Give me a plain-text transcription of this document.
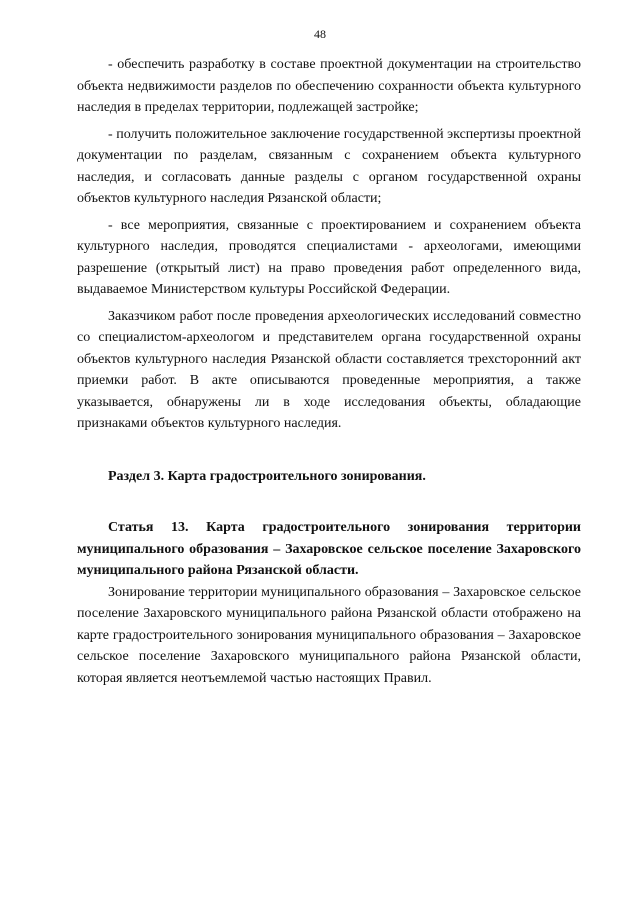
48

- обеспечить разработку в составе проектной документации на строительство объекта недвижимости разделов по обеспечению сохранности объекта культурного наследия в пределах территории, подлежащей застройке;

- получить положительное заключение государственной экспертизы проектной документации по разделам, связанным с сохранением объекта культурного наследия, и согласовать данные разделы с органом государственной охраны объектов культурного наследия Рязанской области;

- все мероприятия, связанные с проектированием и сохранением объекта культурного наследия, проводятся специалистами - археологами, имеющими разрешение (открытый лист) на право проведения работ определенного вида, выдаваемое Министерством культуры Российской Федерации.

Заказчиком работ после проведения археологических исследований совместно со специалистом-археологом и представителем органа государственной охраны объектов культурного наследия Рязанской области составляется трехсторонний акт приемки работ. В акте описываются проведенные мероприятия, а также указывается, обнаружены ли в ходе исследования объекты, обладающие признаками объектов культурного наследия.

Раздел 3. Карта градостроительного зонирования.

Статья 13. Карта градостроительного зонирования территории муниципального образования – Захаровское сельское поселение Захаровского муниципального района Рязанской области.

Зонирование территории муниципального образования – Захаровское сельское поселение Захаровского муниципального района Рязанской области отображено на карте градостроительного зонирования муниципального образования – Захаровское сельское поселение Захаровского муниципального района Рязанской области, которая является неотъемлемой частью настоящих Правил.
